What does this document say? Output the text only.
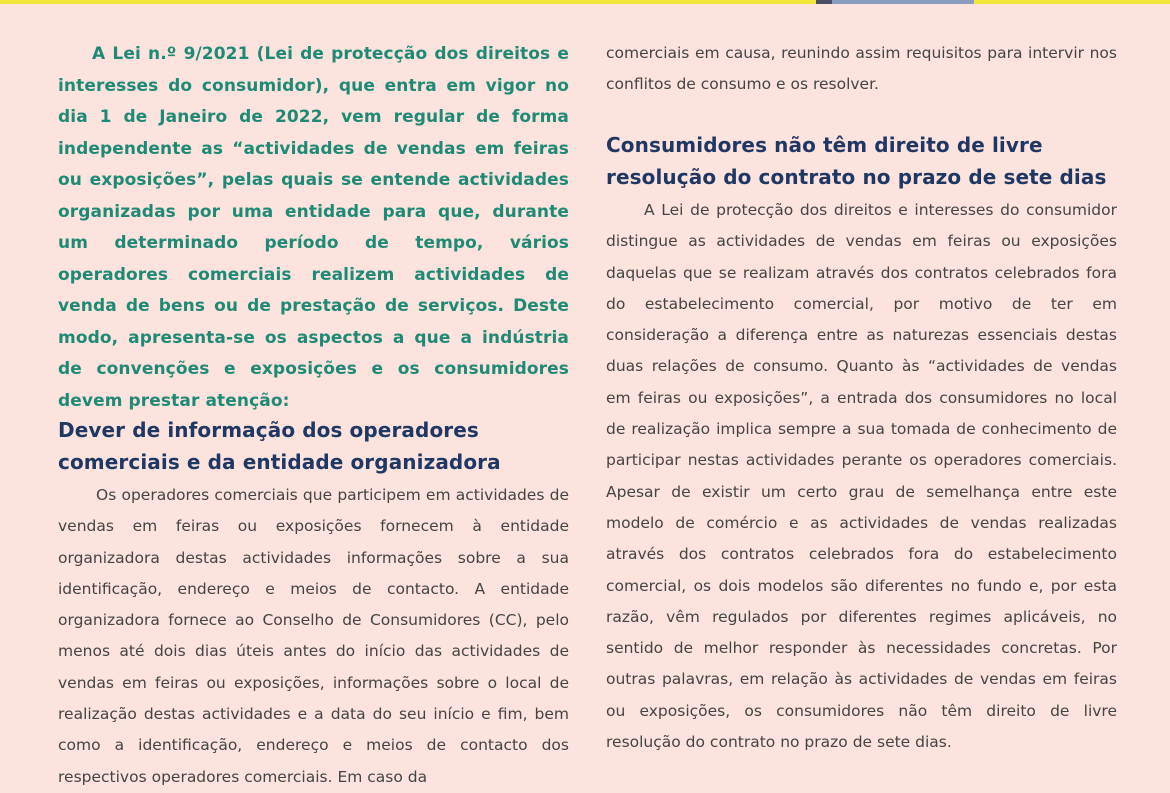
A Lei n.º 9/2021 (Lei de protecção dos direitos e interesses do consumidor), que entra em vigor no dia 1 de Janeiro de 2022, vem regular de forma independente as “actividades de vendas em feiras ou exposições”, pelas quais se entende actividades organizadas por uma entidade para que, durante um determinado período de tempo, vários operadores comerciais realizem actividades de venda de bens ou de prestação de serviços. Deste modo, apresenta-se os aspectos a que a indústria de convenções e exposições e os consumidores devem prestar atenção:

Dever de informação dos operadores comerciais e da entidade organizadora

Os operadores comerciais que participem em actividades de vendas em feiras ou exposições fornecem à entidade organizadora destas actividades informações sobre a sua identificação, endereço e meios de contacto. A entidade organizadora fornece ao Conselho de Consumidores (CC), pelo menos até dois dias úteis antes do início das actividades de vendas em feiras ou exposições, informações sobre o local de realização destas actividades e a data do seu início e fim, bem como a identificação, endereço e meios de contacto dos respectivos operadores comerciais. Em caso da

comerciais em causa, reunindo assim requisitos para intervir nos conflitos de consumo e os resolver.

Consumidores não têm direito de livre resolução do contrato no prazo de sete dias

A Lei de protecção dos direitos e interesses do consumidor distingue as actividades de vendas em feiras ou exposições daquelas que se realizam através dos contratos celebrados fora do estabelecimento comercial, por motivo de ter em consideração a diferença entre as naturezas essenciais destas duas relações de consumo. Quanto às “actividades de vendas em feiras ou exposições”, a entrada dos consumidores no local de realização implica sempre a sua tomada de conhecimento de participar nestas actividades perante os operadores comerciais. Apesar de existir um certo grau de semelhança entre este modelo de comércio e as actividades de vendas realizadas através dos contratos celebrados fora do estabelecimento comercial, os dois modelos são diferentes no fundo e, por esta razão, vêm regulados por diferentes regimes aplicáveis, no sentido de melhor responder às necessidades concretas. Por outras palavras, em relação às actividades de vendas em feiras ou exposições, os consumidores não têm direito de livre resolução do contrato no prazo de sete dias.
